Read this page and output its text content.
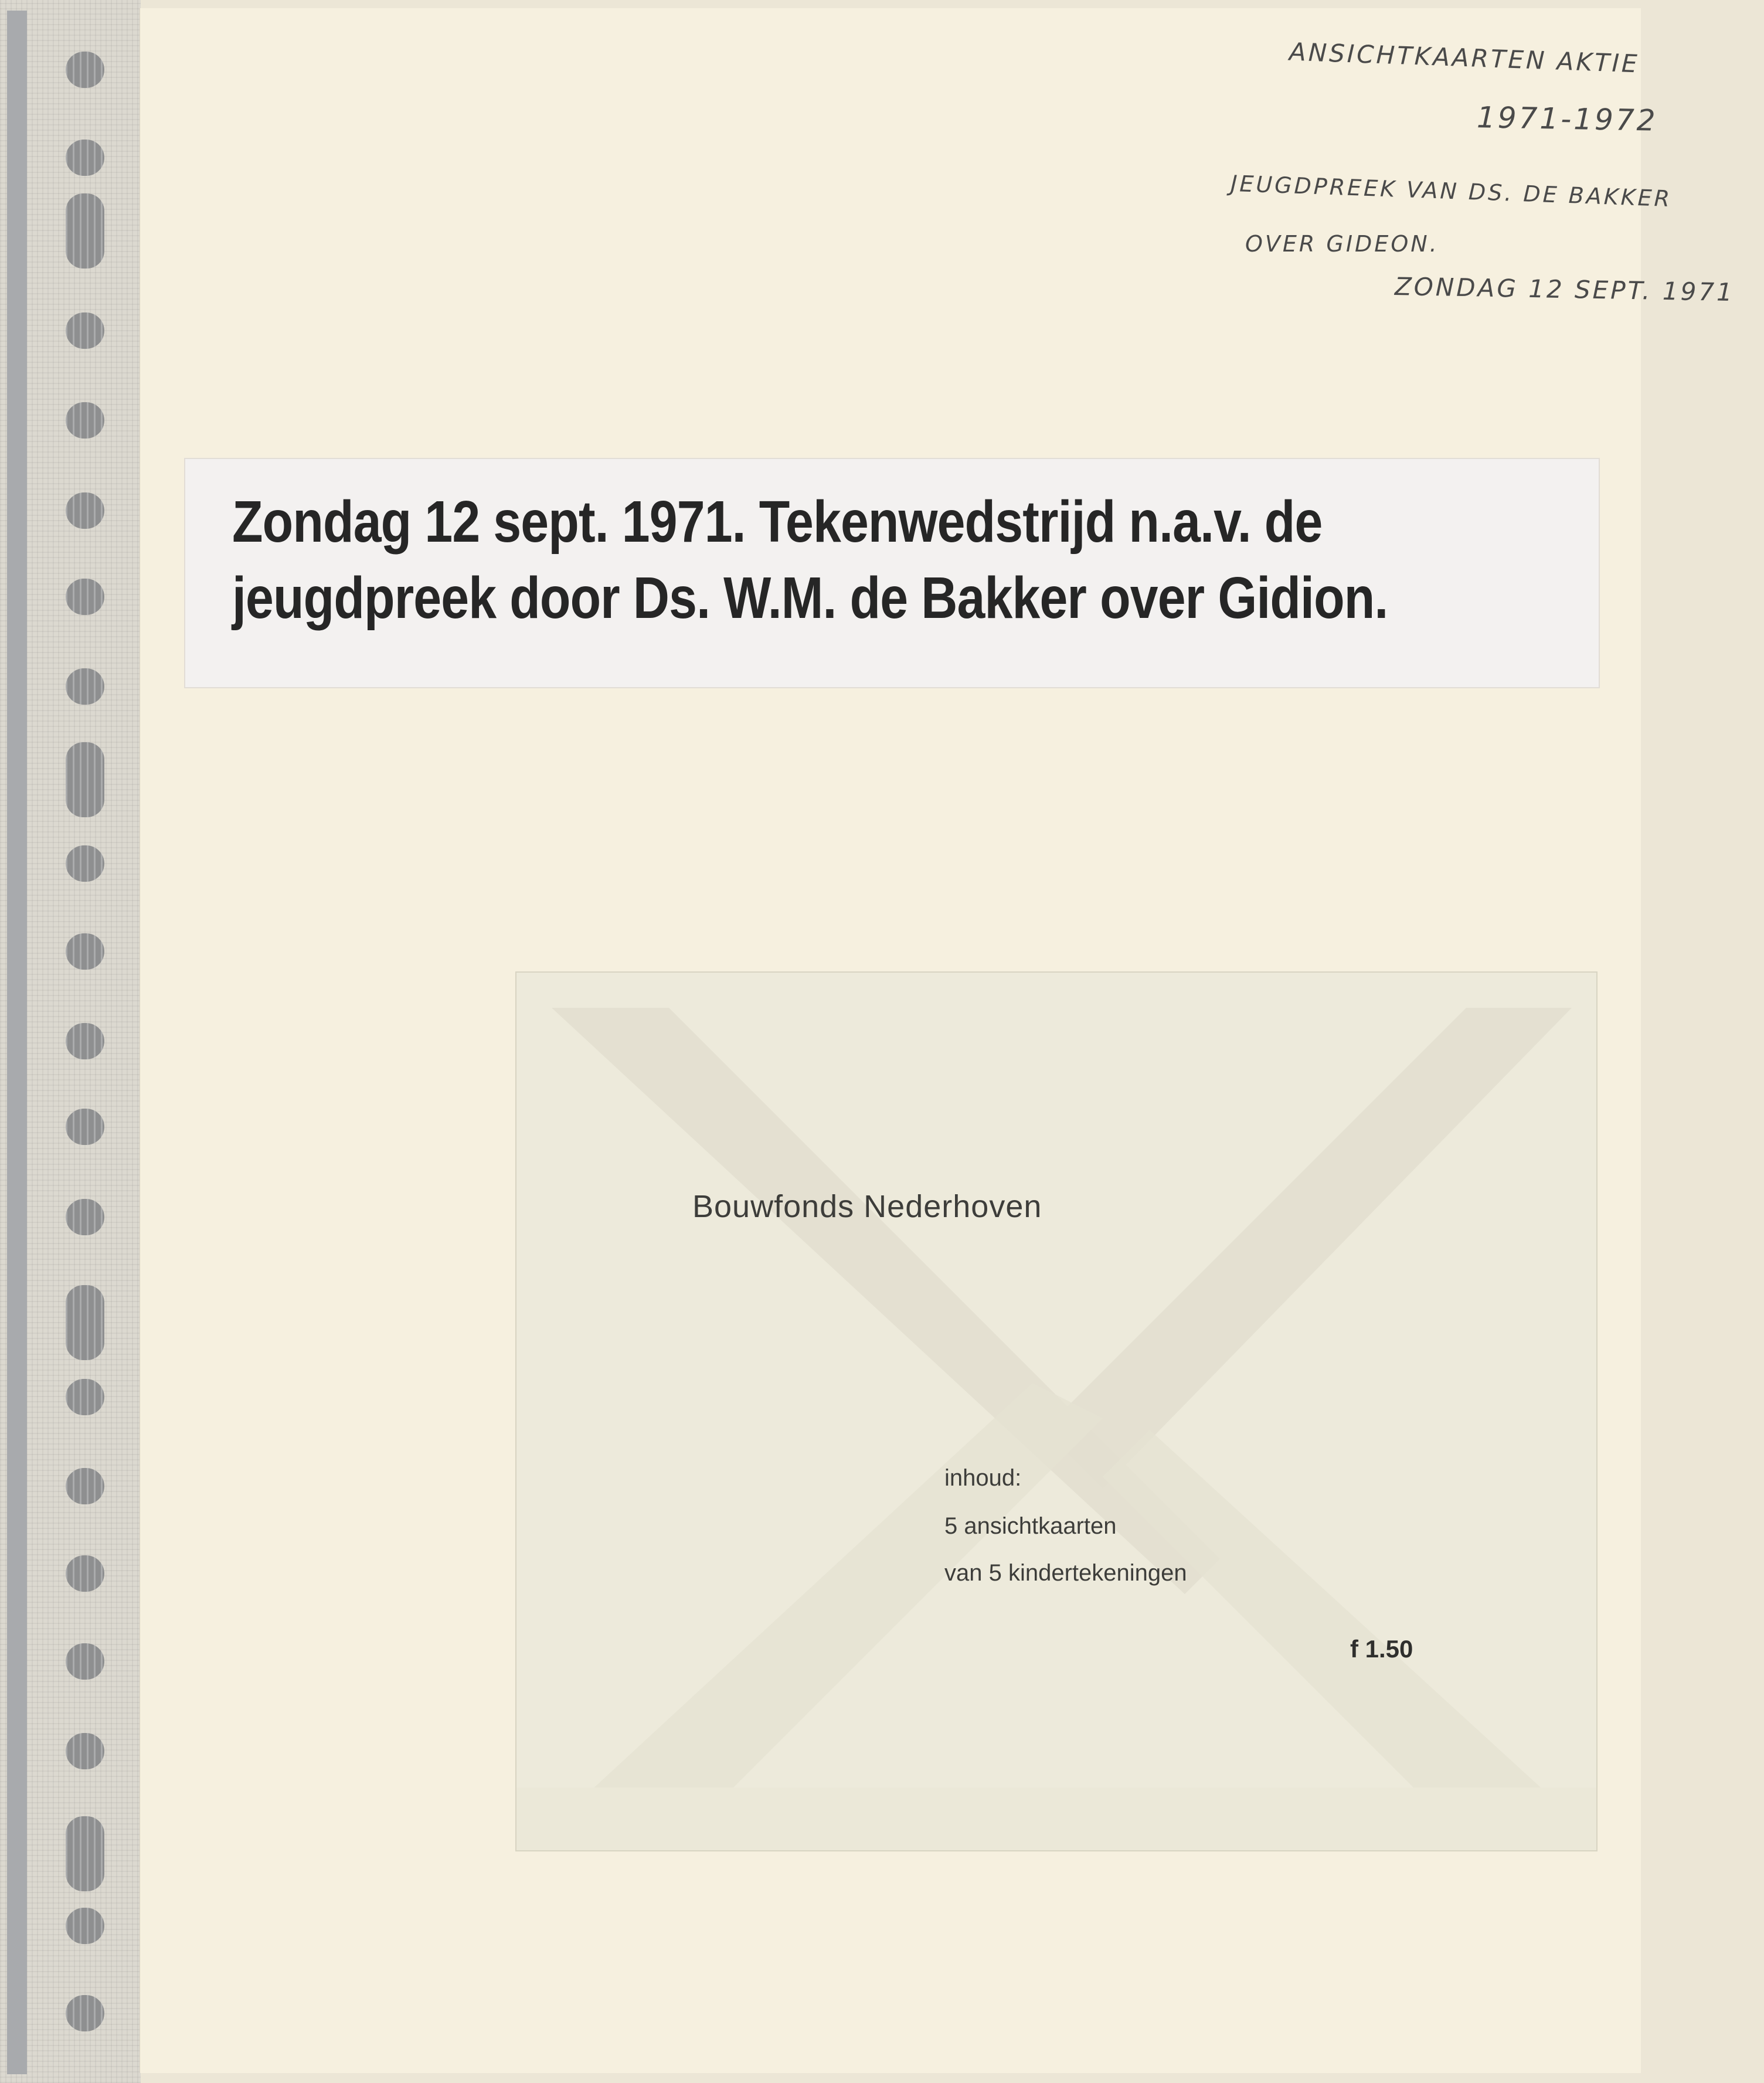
ANSICHTKAARTEN AKTIE
1971-1972
JEUGDPREEK VAN DS. DE BAKKER
OVER GIDEON.
ZONDAG 12 SEPT. 1971
Zondag 12 sept. 1971. Tekenwedstrijd n.a.v. de
jeugdpreek door Ds. W.M. de Bakker over Gidion.
Bouwfonds Nederhoven
inhoud:
5 ansichtkaarten
van 5 kindertekeningen
f 1.50
